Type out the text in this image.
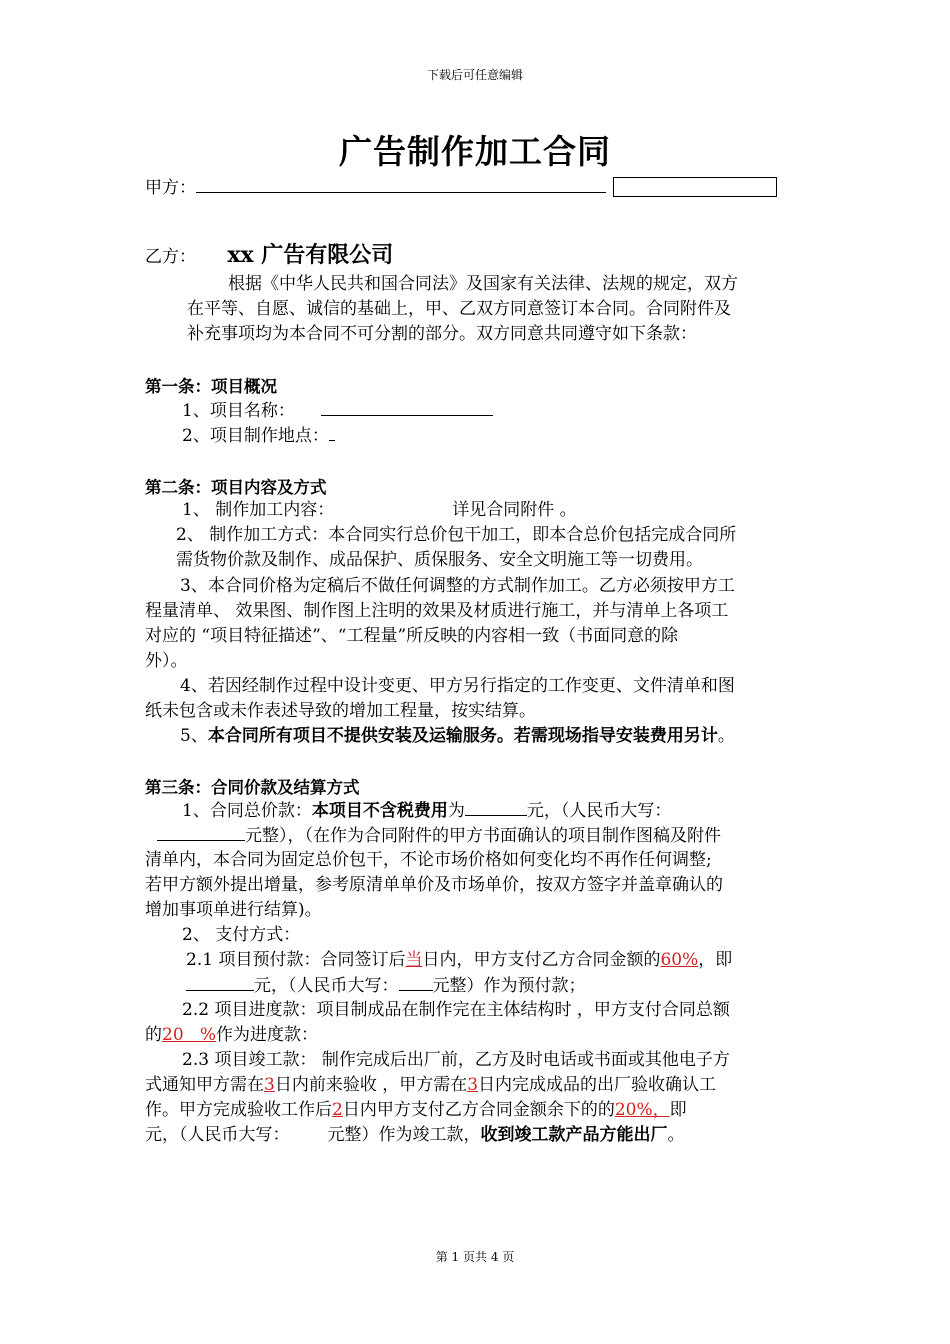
下载后可任意编辑
广告制作加工合同
甲方：
乙方： xx 广告有限公司
根据《中华人民共和国合同法》及国家有关法律、法规的规定，双方
在平等、自愿、诚信的基础上，甲、乙双方同意签订本合同。合同附件及
补充事项均为本合同不可分割的部分。双方同意共同遵守如下条款：
第一条：项目概况
1、项目名称：
2、项目制作地点：
第二条：项目内容及方式
1、 制作加工内容：	详见合同附件 。
2、 制作加工方式：本合同实行总价包干加工，即本合总价包括完成合同所
需货物价款及制作、成品保护、质保服务、安全文明施工等一切费用。
3、本合同价格为定稿后不做任何调整的方式制作加工。乙方必须按甲方工
程量清单、 效果图、制作图上注明的效果及材质进行施工，并与清单上各项工
对应的 “项目特征描述”、“工程量”所反映的内容相一致（书面同意的除
外）。
4、若因经制作过程中设计变更、甲方另行指定的工作变更、文件清单和图
纸未包含或未作表述导致的增加工程量，按实结算。
5、本合同所有项目不提供安装及运输服务。若需现场指导安装费用另计。
第三条：合同价款及结算方式
1、合同总价款：本项目不含税费用为	元，（人民币大写：
元整），（在作为合同附件的甲方书面确认的项目制作图稿及附件
清单内，本合同为固定总价包干，不论市场价格如何变化均不再作任何调整;
若甲方额外提出增量，参考原清单单价及市场单价，按双方签字并盖章确认的
增加事项单进行结算)。
2、 支付方式：
2.1 项目预付款：合同签订后当日内，甲方支付乙方合同金额的60%，即
元，（人民币大写： 元整）作为预付款；
2.2 项目进度款：项目制成品在制作完在主体结构时 ，甲方支付合同总额
的20   %作为进度款：
2.3 项目竣工款： 制作完成后出厂前，乙方及时电话或书面或其他电子方
式通知甲方需在3日内前来验收 ，甲方需在3日内完成成品的出厂验收确认工
作。甲方完成验收工作后2日内甲方支付乙方合同金额余下的的20%，即
元，（人民币大写： 元整）作为竣工款，收到竣工款产品方能出厂。
第 1 页共 4 页
